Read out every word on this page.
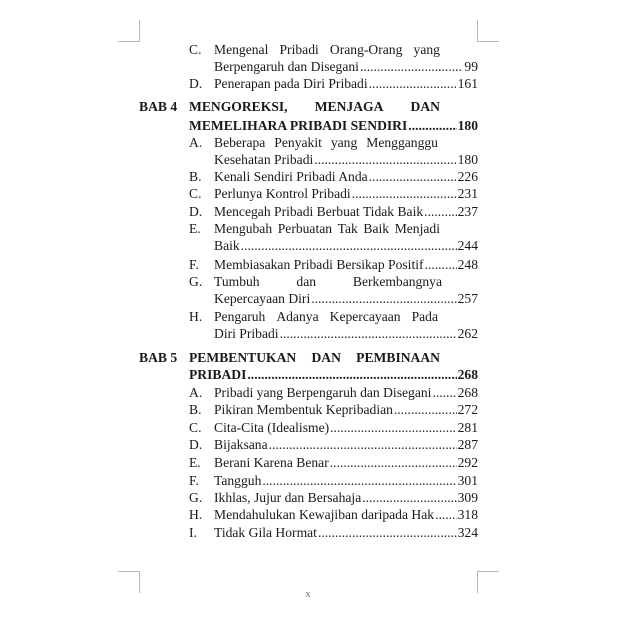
C. Mengenal Pribadi Orang-Orang yang
Berpengaruh dan Disegani .....	99
D. Penerapan pada Diri Pribadi .....	161
BAB 4 MENGOREKSI, MENJAGA DAN
MEMELIHARA PRIBADI SENDIRI .....	180
A. Beberapa Penyakit yang Mengganggu
Kesehatan Pribadi .....	180
B. Kenali Sendiri Pribadi Anda .....	226
C. Perlunya Kontrol Pribadi .....	231
D. Mencegah Pribadi Berbuat Tidak Baik .....	237
E. Mengubah Perbuatan Tak Baik Menjadi
Baik .....	244
F. Membiasakan Pribadi Bersikap Positif .....	248
G. Tumbuh	dan	Berkembangnya
Kepercayaan Diri .....	257
H. Pengaruh Adanya Kepercayaan Pada
Diri Pribadi .....	262
BAB 5 PEMBENTUKAN DAN PEMBINAAN
PRIBADI .....	268
A. Pribadi yang Berpengaruh dan Disegani ..... 268
B. Pikiran Membentuk Kepribadian .....	272
C. Cita-Cita (Idealisme) .....	281
D. Bijaksana .....	287
E. Berani Karena Benar .....	292
F. Tangguh .....	301
G. Ikhlas, Jujur dan Bersahaja .....	309
H. Mendahulukan Kewajiban daripada Hak ..... 318
I. Tidak Gila Hormat .....	324
x
